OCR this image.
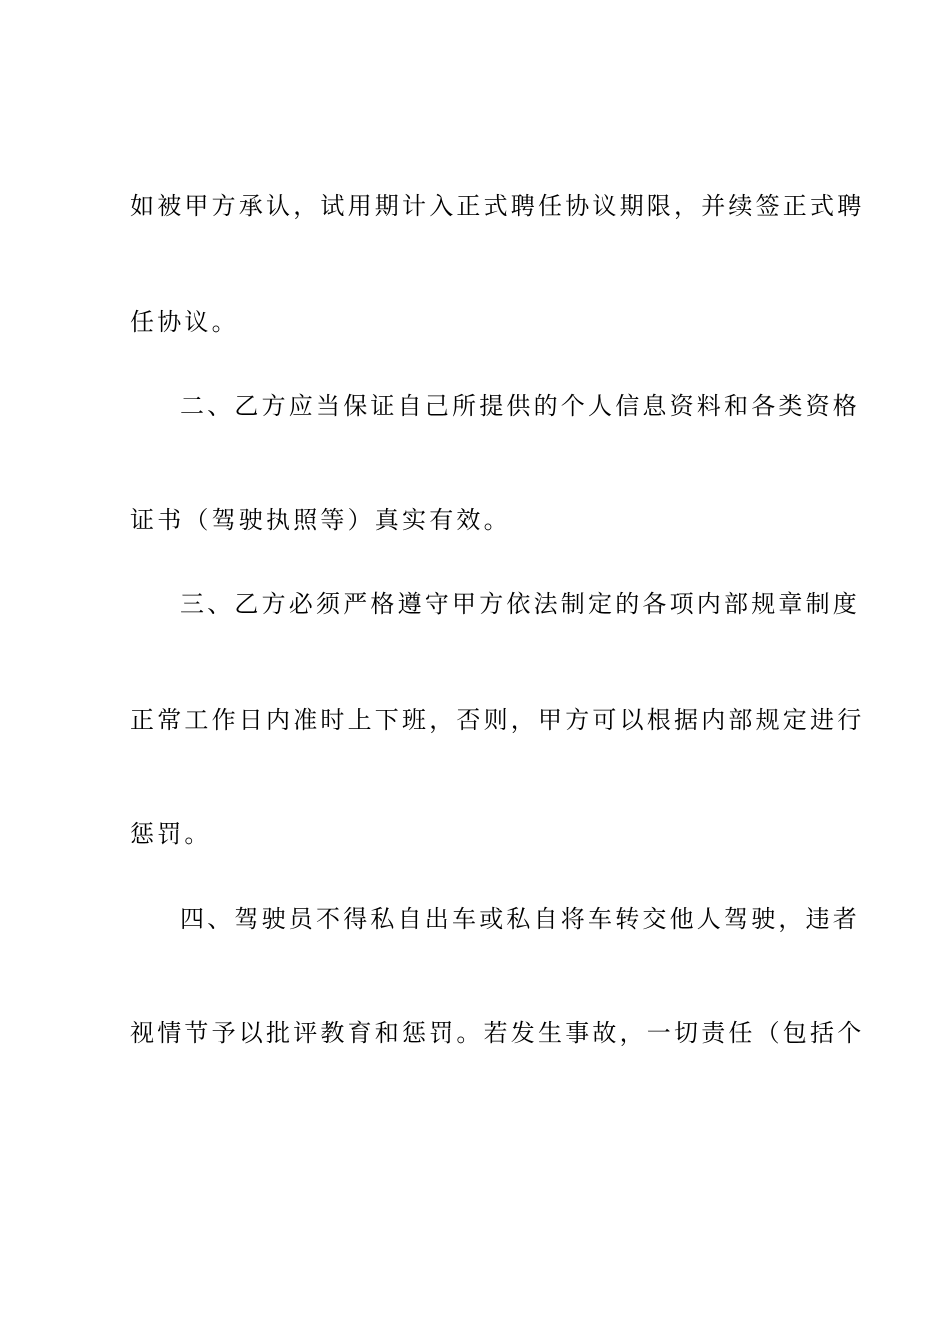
如被甲方承认，试用期计入正式聘任协议期限，并续签正式聘
任协议。
二、乙方应当保证自己所提供的个人信息资料和各类资格
证书（驾驶执照等）真实有效。
三、乙方必须严格遵守甲方依法制定的各项内部规章制度
正常工作日内准时上下班，否则，甲方可以根据内部规定进行
惩罚。
四、驾驶员不得私自出车或私自将车转交他人驾驶，违者
视情节予以批评教育和惩罚。若发生事故，一切责任（包括个
